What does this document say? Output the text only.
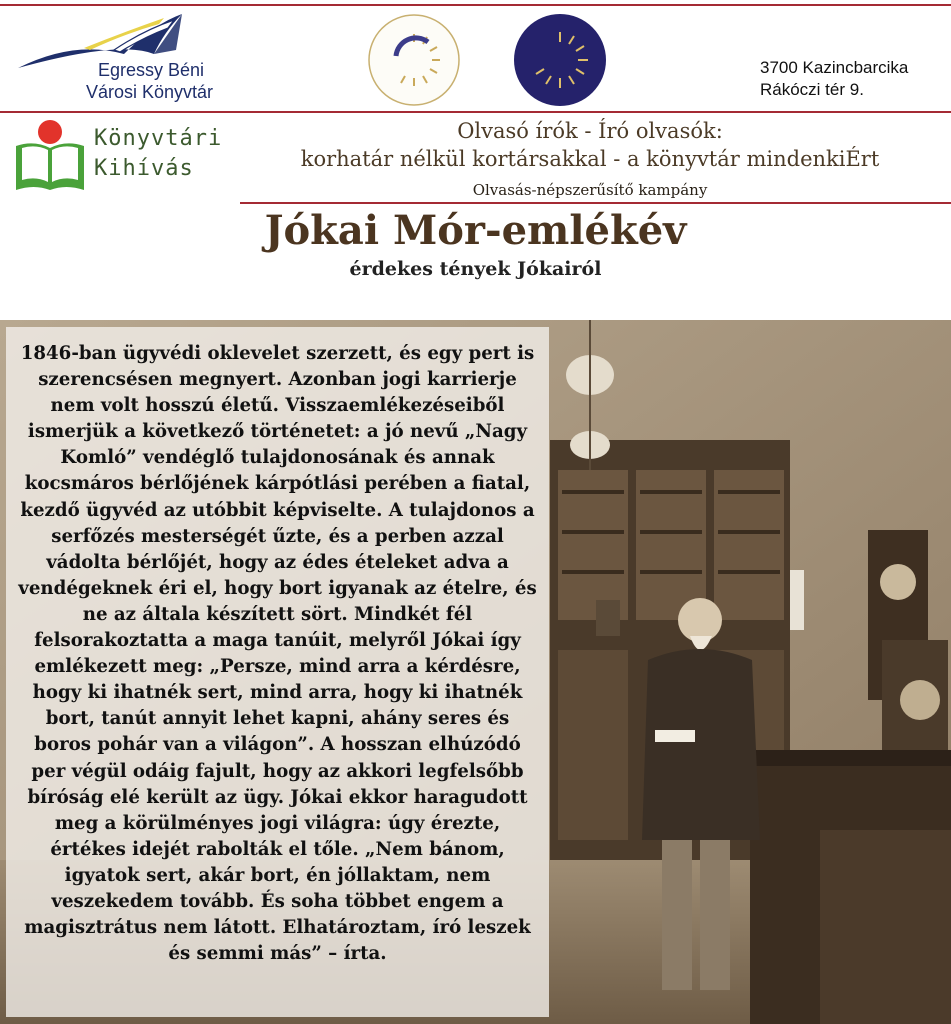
Egressy Béni
Városi Könyvtár
3700 Kazincbarcika
Rákóczi tér 9.
Könyvtári
Kihívás
Olvasó írók - Író olvasók:
korhatár nélkül kortársakkal - a könyvtár mindenkiÉrt
Olvasás-népszerűsítő kampány
Jókai Mór-emlékév
érdekes tények Jókairól
1846-ban ügyvédi oklevelet szerzett, és egy pert is szerencsésen megnyert. Azonban jogi karrierje nem volt hosszú életű. Visszaemlékezéseiből ismerjük a következő történetet: a jó nevű „Nagy Komló” vendéglő tulajdonosának és annak kocsmáros bérlőjének kárpótlási perében a fiatal, kezdő ügyvéd az utóbbit képviselte. A tulajdonos a serfőzés mesterségét űzte, és a perben azzal vádolta bérlőjét, hogy az édes ételeket adva a vendégeknek éri el, hogy bort igyanak az ételre, és ne az általa készített sört. Mindkét fél felsorakoztatta a maga tanúit, melyről Jókai így emlékezett meg: „Persze, mind arra a kérdésre, hogy ki ihatnék sert, mind arra, hogy ki ihatnék bort, tanút annyit lehet kapni, ahány seres és boros pohár van a világon”. A hosszan elhúzódó per végül odáig fajult, hogy az akkori legfelsőbb bíróság elé került az ügy. Jókai ekkor haragudott meg a körülményes jogi világra: úgy érezte, értékes idejét rabolták el tőle. „Nem bánom, igyatok sert, akár bort, én jóllaktam, nem veszekedem tovább. És soha többet engem a magisztrátus nem látott. Elhatároztam, író leszek és semmi más” – írta.
